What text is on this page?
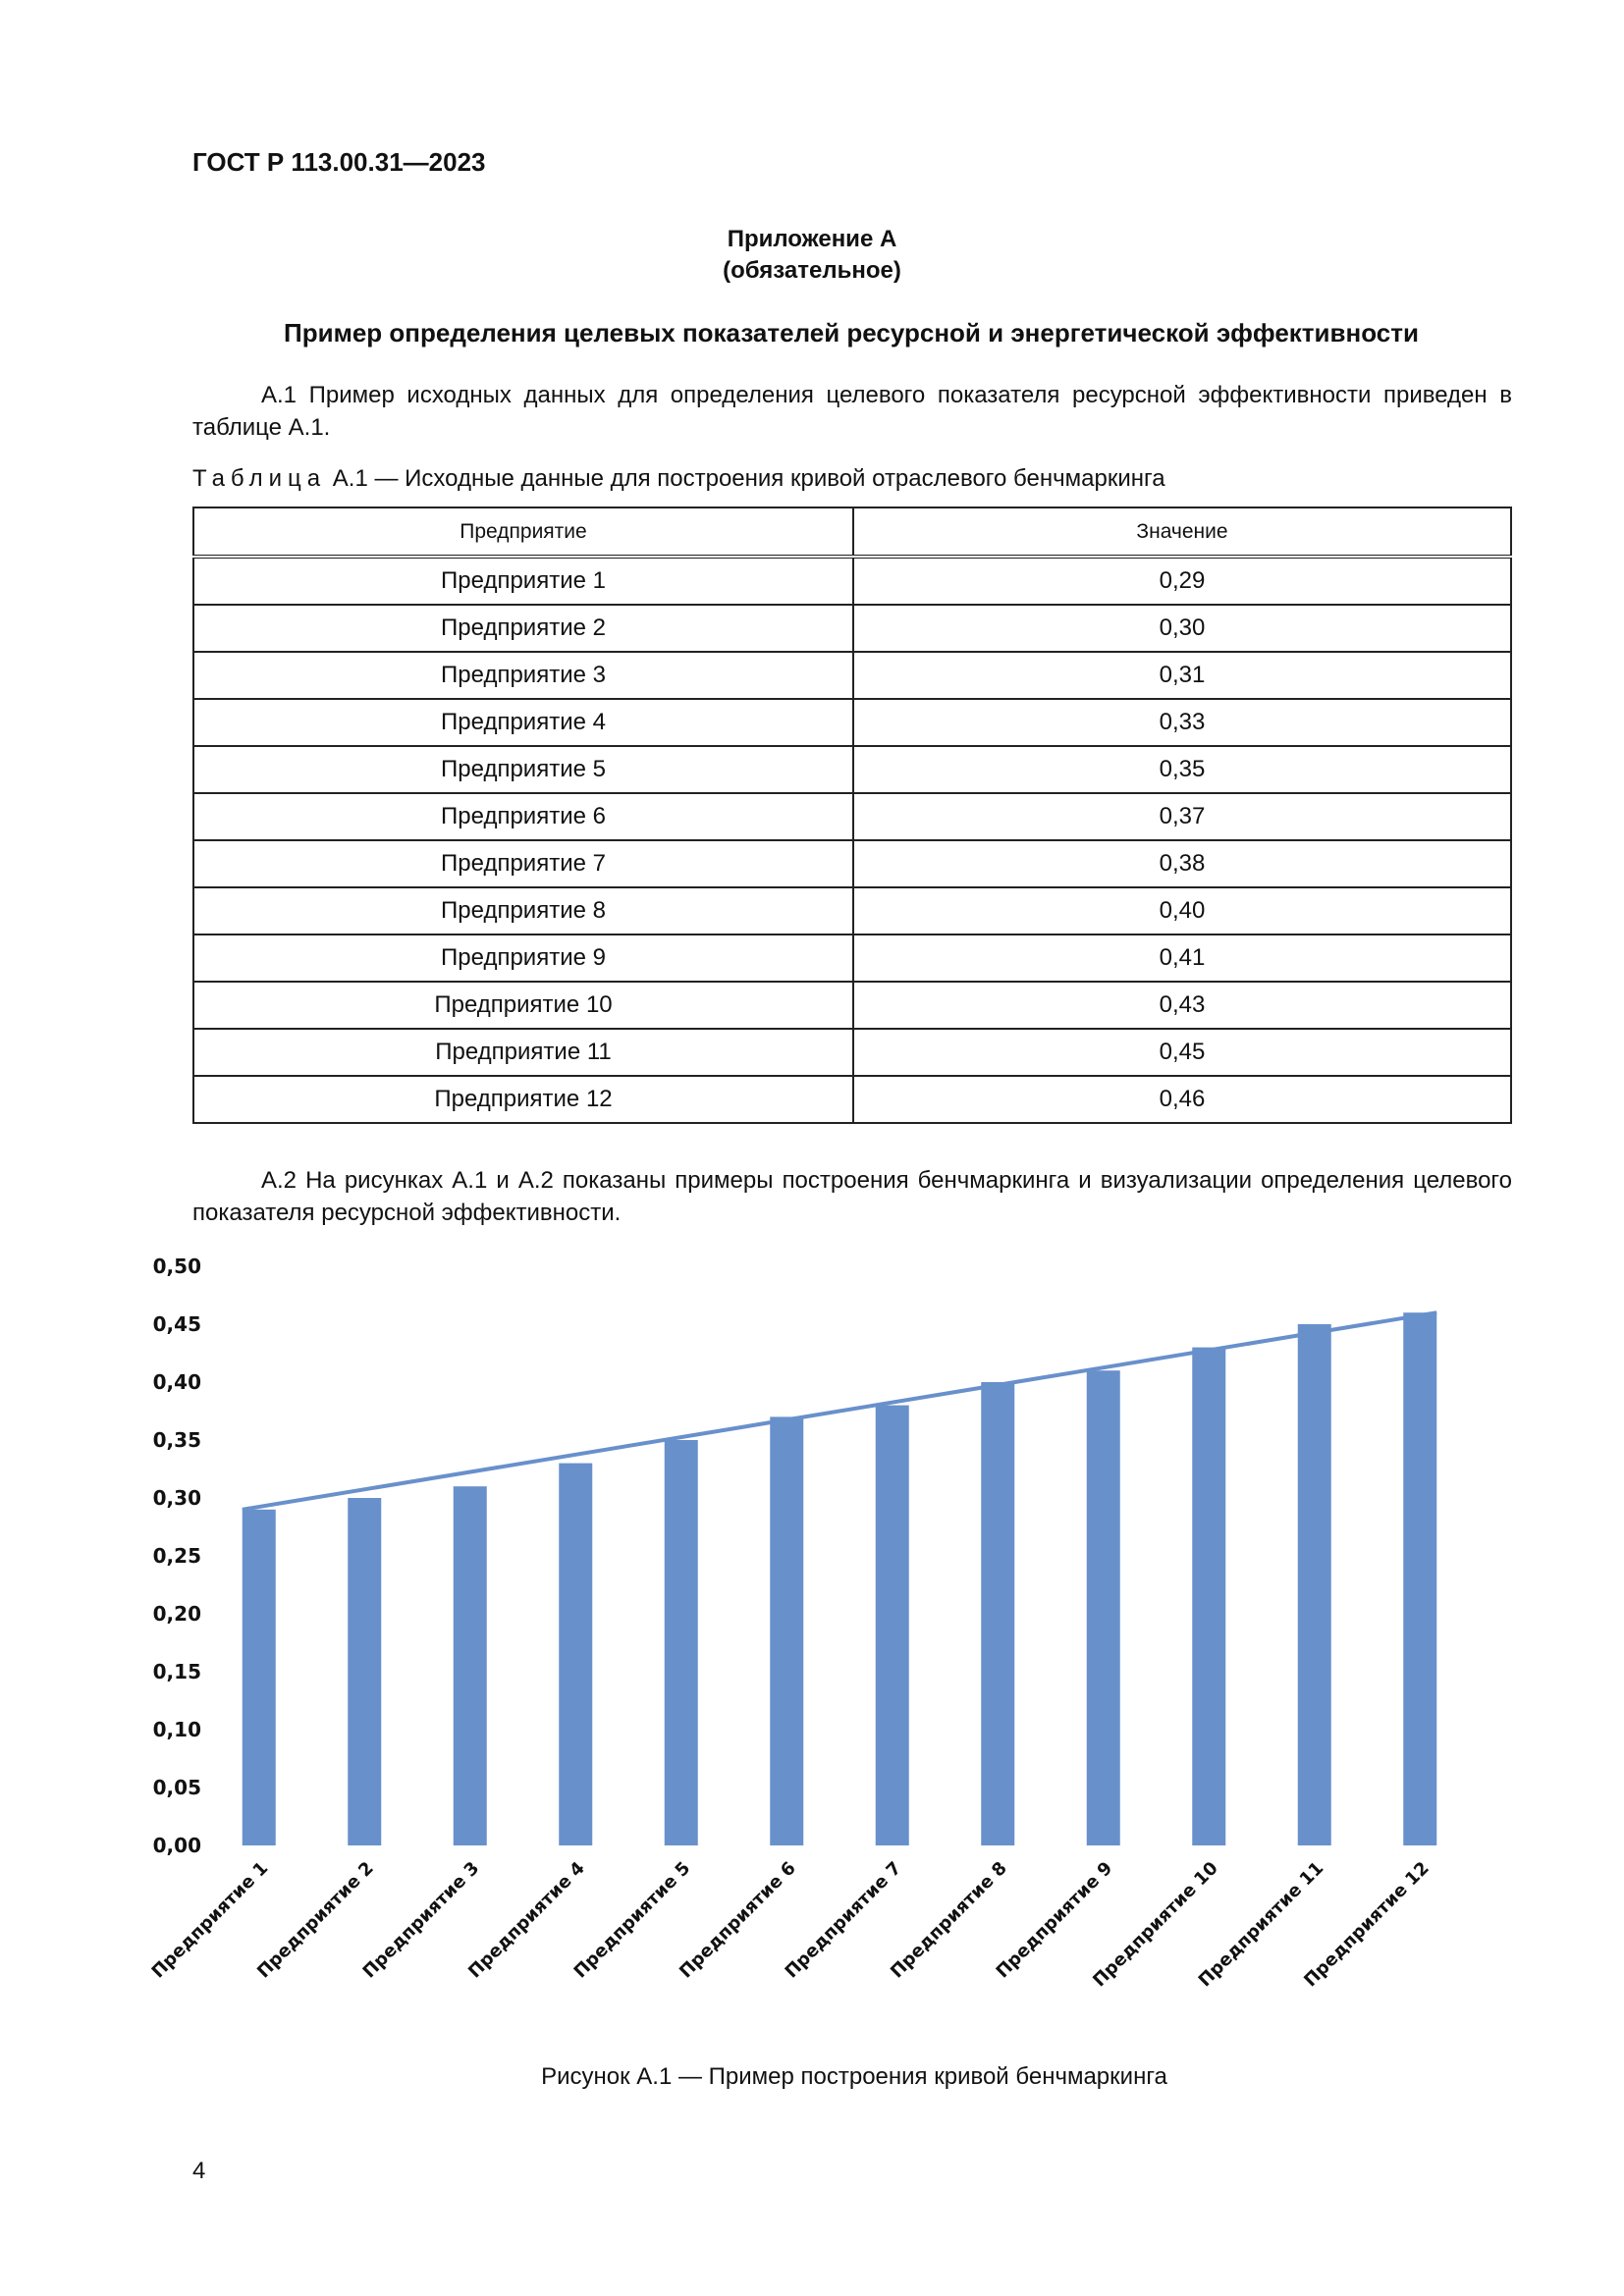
ГОСТ Р 113.00.31—2023
Приложение А
(обязательное)
Пример определения целевых показателей ресурсной и энергетической эффективности
А.1 Пример исходных данных для определения целевого показателя ресурсной эффективности приведен в таблице А.1.
Таблица А.1 — Исходные данные для построения кривой отраслевого бенчмаркинга
Предприятие	Значение
Предприятие 1	0,29
Предприятие 2	0,30
Предприятие 3	0,31
Предприятие 4	0,33
Предприятие 5	0,35
Предприятие 6	0,37
Предприятие 7	0,38
Предприятие 8	0,40
Предприятие 9	0,41
Предприятие 10	0,43
Предприятие 11	0,45
Предприятие 12	0,46
А.2 На рисунках А.1 и А.2 показаны примеры построения бенчмаркинга и визуализации определения целевого показателя ресурсной эффективности.
0,00
0,05
0,10
0,15
0,20
0,25
0,30
0,35
0,40
0,45
0,50
Предприятие 1
Предприятие 2
Предприятие 3
Предприятие 4
Предприятие 5
Предприятие 6
Предприятие 7
Предприятие 8
Предприятие 9
Предприятие 10
Предприятие 11
Предприятие 12
Рисунок А.1 — Пример построения кривой бенчмаркинга
4
